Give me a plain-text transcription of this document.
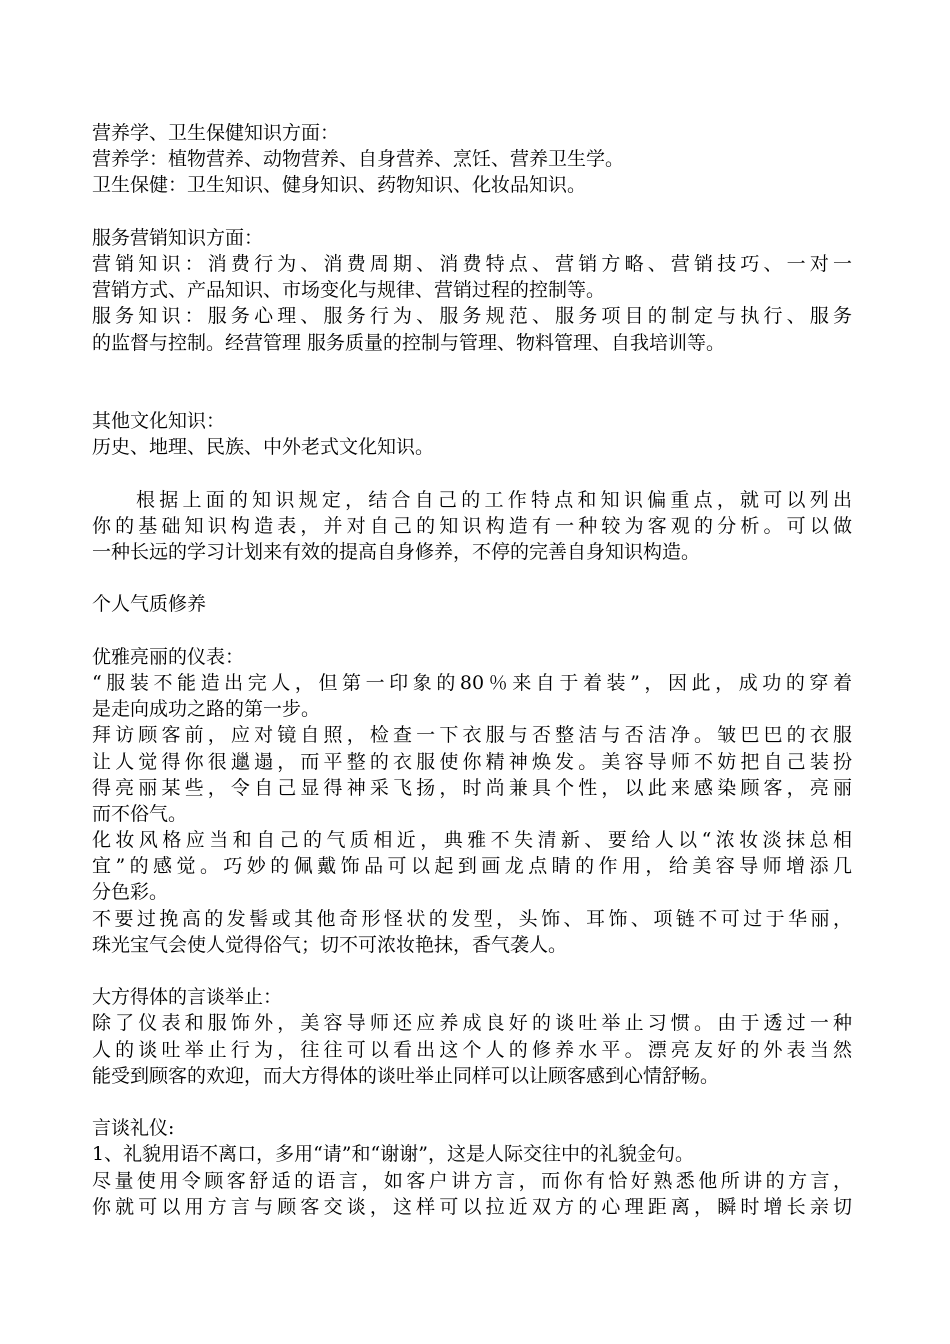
营养学、卫生保健知识方面：
营养学：植物营养、动物营养、自身营养、烹饪、营养卫生学。
卫生保健：卫生知识、健身知识、药物知识、化妆品知识。
服务营销知识方面：
营销知识：消费行为、消费周期、消费特点、营销方略、营销技巧、一对一
营销方式、产品知识、市场变化与规律、营销过程的控制等。
服务知识：服务心理、服务行为、服务规范、服务项目的制定与执行、服务
的监督与控制。经营管理 服务质量的控制与管理、物料管理、自我培训等。
其他文化知识：
历史、地理、民族、中外老式文化知识。
根据上面的知识规定，结合自己的工作特点和知识偏重点，就可以列出
你的基础知识构造表，并对自己的知识构造有一种较为客观的分析。可以做
一种长远的学习计划来有效的提高自身修养，不停的完善自身知识构造。
个人气质修养
优雅亮丽的仪表：
“服装不能造出完人，但第一印象的80％来自于着装”，因此，成功的穿着
是走向成功之路的第一步。
拜访顾客前，应对镜自照，检查一下衣服与否整洁与否洁净。皱巴巴的衣服
让人觉得你很邋遢，而平整的衣服使你精神焕发。美容导师不妨把自己装扮
得亮丽某些，令自己显得神采飞扬，时尚兼具个性，以此来感染顾客，亮丽
而不俗气。
化妆风格应当和自己的气质相近，典雅不失清新、要给人以“浓妆淡抹总相
宜”的感觉。巧妙的佩戴饰品可以起到画龙点睛的作用，给美容导师增添几
分色彩。
不要过挽高的发髻或其他奇形怪状的发型，头饰、耳饰、项链不可过于华丽，
珠光宝气会使人觉得俗气；切不可浓妆艳抹，香气袭人。
大方得体的言谈举止：
除了仪表和服饰外，美容导师还应养成良好的谈吐举止习惯。由于透过一种
人的谈吐举止行为，往往可以看出这个人的修养水平。漂亮友好的外表当然
能受到顾客的欢迎，而大方得体的谈吐举止同样可以让顾客感到心情舒畅。
言谈礼仪:
1、礼貌用语不离口，多用“请”和“谢谢”，这是人际交往中的礼貌金句。
尽量使用令顾客舒适的语言，如客户讲方言，而你有恰好熟悉他所讲的方言，
你就可以用方言与顾客交谈，这样可以拉近双方的心理距离，瞬时增长亲切
